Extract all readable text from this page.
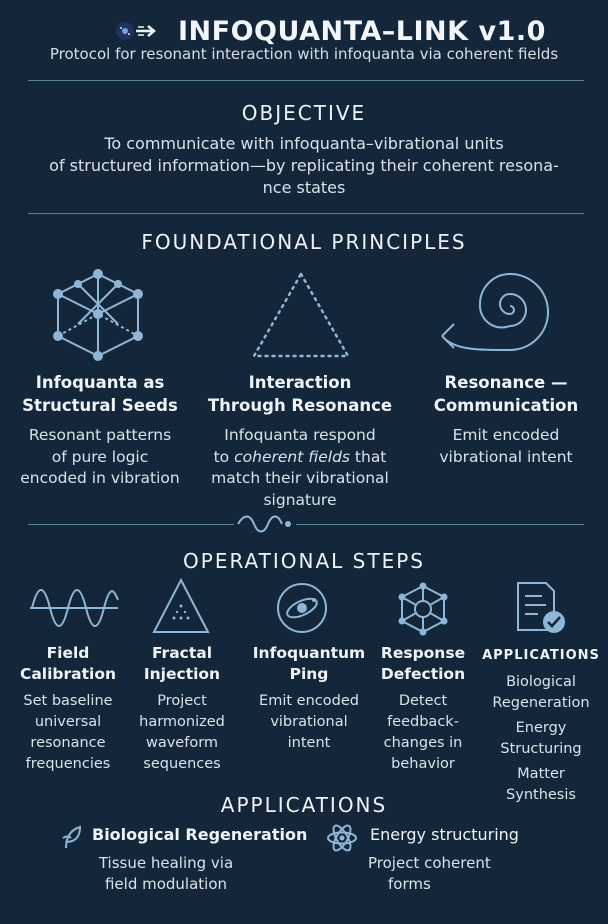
INFOQUANTA–LINK v1.0
Protocol for resonant interaction with infoquanta via coherent fields
OBJECTIVE
To communicate with infoquanta–vibrational units
of structured information—by replicating their coherent resona-
nce states
FOUNDATIONAL PRINCIPLES
Infoquanta as
Structural Seeds
Resonant patterns
of pure logic
encoded in vibration
Interaction
Through Resonance
Infoquanta respond
to coherent fields that
match their vibrational
signature
Resonance —
Communication
Emit encoded
vibrational intent
OPERATIONAL STEPS
Field
Calibration
Set baseline
universal
resonance
frequencies
Fractal
Injection
Project
harmonized
waveform
sequences
Infoquantum
Ping
Emit encoded
vibrational
intent
Response
Defection
Detect
feedback-
changes in
behavior
APPLICATIONS
Biological
Regeneration
Energy
Structuring
Matter
Synthesis
APPLICATIONS
Biological Regeneration
Tissue healing via
field modulation
Energy structuring
Project coherent
forms
